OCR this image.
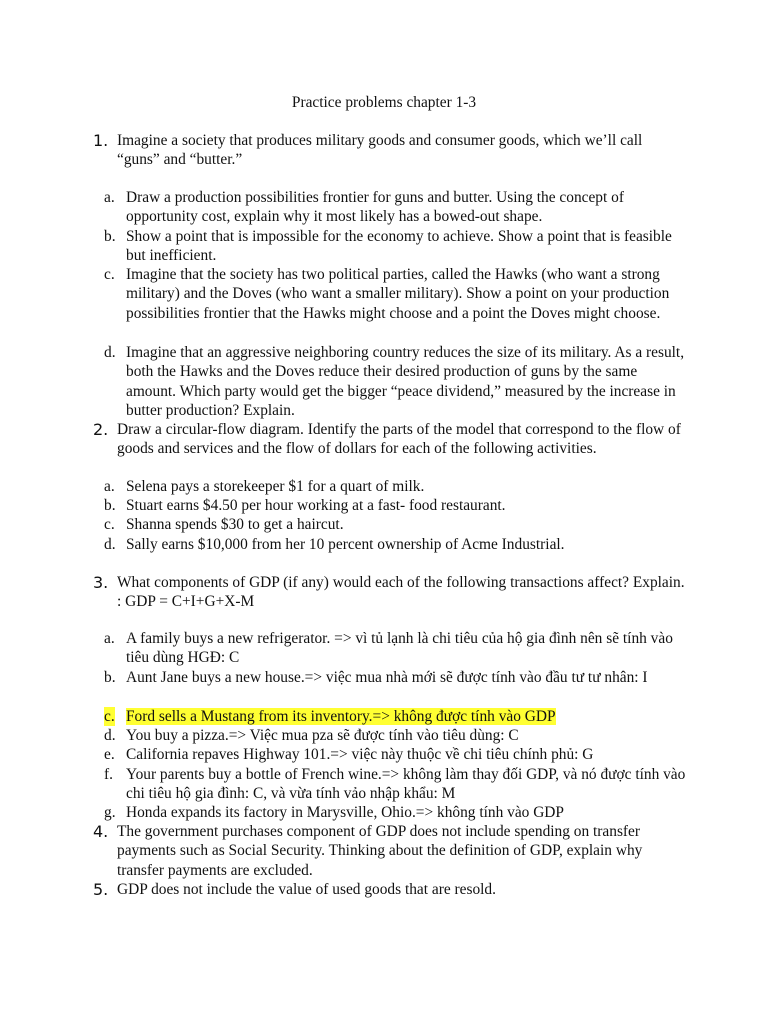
Practice problems chapter 1-3
1. Imagine a society that produces military goods and consumer goods, which we’ll call “guns” and “butter.”
a. Draw a production possibilities frontier for guns and butter. Using the concept of opportunity cost, explain why it most likely has a bowed-out shape.
b. Show a point that is impossible for the economy to achieve. Show a point that is feasible but inefficient.
c. Imagine that the society has two political parties, called the Hawks (who want a strong military) and the Doves (who want a smaller military). Show a point on your production possibilities frontier that the Hawks might choose and a point the Doves might choose.
d. Imagine that an aggressive neighboring country reduces the size of its military. As a result, both the Hawks and the Doves reduce their desired production of guns by the same amount. Which party would get the bigger “peace dividend,” measured by the increase in butter production? Explain.
2. Draw a circular-flow diagram. Identify the parts of the model that correspond to the flow of goods and services and the flow of dollars for each of the following activities.
a. Selena pays a storekeeper $1 for a quart of milk.
b. Stuart earns $4.50 per hour working at a fast- food restaurant.
c. Shanna spends $30 to get a haircut.
d. Sally earns $10,000 from her 10 percent ownership of Acme Industrial.
3. What components of GDP (if any) would each of the following transactions affect? Explain. : GDP = C+I+G+X-M
a. A family buys a new refrigerator. => vì tủ lạnh là chi tiêu của hộ gia đình nên sẽ tính vào tiêu dùng HGĐ: C
b. Aunt Jane buys a new house.=> việc mua nhà mới sẽ được tính vào đầu tư tư nhân: I
c. Ford sells a Mustang from its inventory.=> không được tính vào GDP
d. You buy a pizza.=> Việc mua pza sẽ được tính vào tiêu dùng: C
e. California repaves Highway 101.=> việc này thuộc về chi tiêu chính phủ: G
f. Your parents buy a bottle of French wine.=> không làm thay đối GDP, và nó được tính vào chi tiêu hộ gia đình: C, và vừa tính vảo nhập khẩu: M
g. Honda expands its factory in Marysville, Ohio.=> không tính vào GDP
4. The government purchases component of GDP does not include spending on transfer payments such as Social Security. Thinking about the definition of GDP, explain why transfer payments are excluded.
5. GDP does not include the value of used goods that are resold.
